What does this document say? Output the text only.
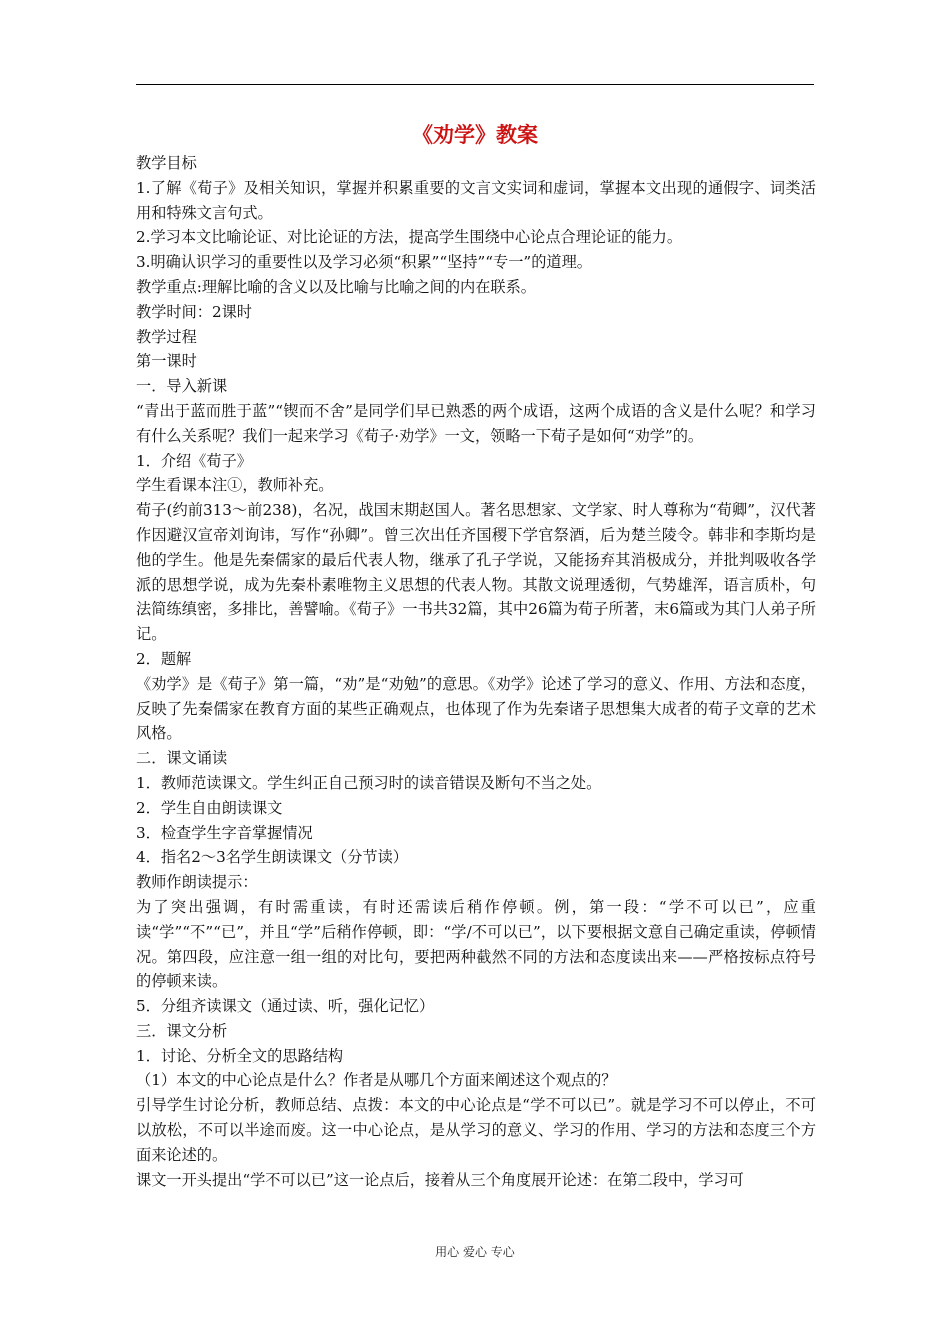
《劝学》教案

教学目标

1.了解《荀子》及相关知识，掌握并积累重要的文言文实词和虚词，掌握本文出现的通假字、词类活用和特殊文言句式。

2.学习本文比喻论证、对比论证的方法，提高学生围绕中心论点合理论证的能力。

3.明确认识学习的重要性以及学习必须“积累”“坚持”“专一”的道理。

教学重点:理解比喻的含义以及比喻与比喻之间的内在联系。

教学时间：2课时

教学过程

第一课时

一．导入新课

“青出于蓝而胜于蓝”“锲而不舍”是同学们早已熟悉的两个成语，这两个成语的含义是什么呢？和学习有什么关系呢？我们一起来学习《荀子·劝学》一文，领略一下荀子是如何“劝学”的。

1．介绍《荀子》

学生看课本注①，教师补充。

荀子(约前313～前238)，名况，战国末期赵国人。著名思想家、文学家、时人尊称为“荀卿”，汉代著作因避汉宣帝刘询讳，写作“孙卿”。曾三次出任齐国稷下学官祭酒，后为楚兰陵令。韩非和李斯均是他的学生。他是先秦儒家的最后代表人物，继承了孔子学说，又能扬弃其消极成分，并批判吸收各学派的思想学说，成为先秦朴素唯物主义思想的代表人物。其散文说理透彻，气势雄浑，语言质朴，句法简练缜密，多排比，善譬喻。《荀子》一书共32篇，其中26篇为荀子所著，末6篇或为其门人弟子所记。

2．题解

《劝学》是《荀子》第一篇，“劝”是“劝勉”的意思。《劝学》论述了学习的意义、作用、方法和态度，反映了先秦儒家在教育方面的某些正确观点，也体现了作为先秦诸子思想集大成者的荀子文章的艺术风格。

二．课文诵读

1．教师范读课文。学生纠正自己预习时的读音错误及断句不当之处。

2．学生自由朗读课文

3．检查学生字音掌握情况

4．指名2～3名学生朗读课文（分节读）

教师作朗读提示：

为了突出强调，有时需重读，有时还需读后稍作停顿。例，第一段：“学不可以已”，应重读“学”“不”“已”，并且“学”后稍作停顿，即：“学/不可以已”，以下要根据文意自己确定重读，停顿情况。第四段，应注意一组一组的对比句，要把两种截然不同的方法和态度读出来——严格按标点符号的停顿来读。

5．分组齐读课文（通过读、听，强化记忆）

三．课文分析

1．讨论、分析全文的思路结构

（1）本文的中心论点是什么？作者是从哪几个方面来阐述这个观点的？

引导学生讨论分析，教师总结、点拨：本文的中心论点是“学不可以已”。就是学习不可以停止，不可以放松，不可以半途而废。这一中心论点，是从学习的意义、学习的作用、学习的方法和态度三个方面来论述的。

课文一开头提出“学不可以已”这一论点后，接着从三个角度展开论述：在第二段中，学习可

用心 爱心 专心
